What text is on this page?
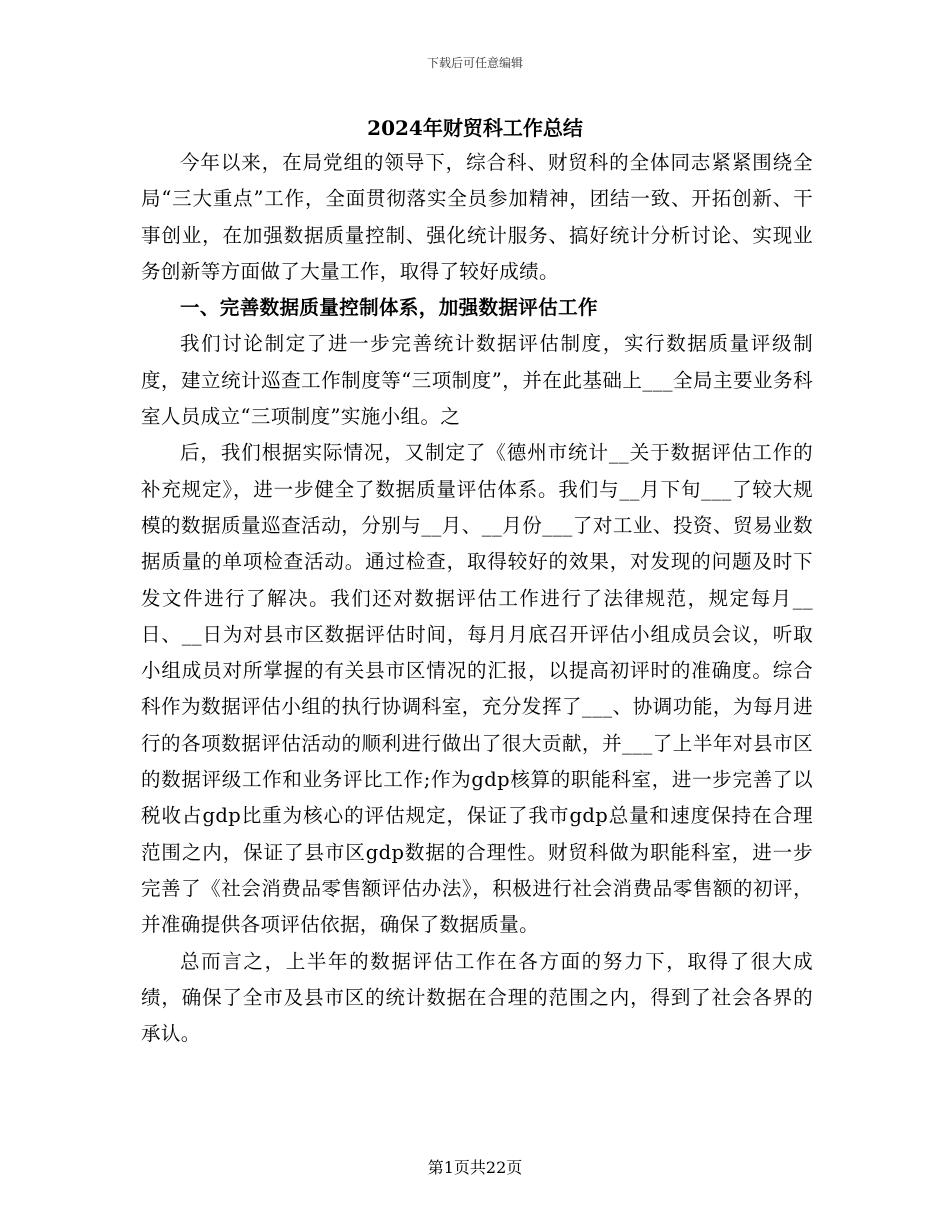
下载后可任意编辑
2024年财贸科工作总结

今年以来，在局党组的领导下，综合科、财贸科的全体同志紧紧围绕全局“三大重点”工作，全面贯彻落实全员参加精神，团结一致、开拓创新、干事创业，在加强数据质量控制、强化统计服务、搞好统计分析讨论、实现业务创新等方面做了大量工作，取得了较好成绩。

一、完善数据质量控制体系，加强数据评估工作

我们讨论制定了进一步完善统计数据评估制度，实行数据质量评级制度，建立统计巡查工作制度等“三项制度”，并在此基础上___全局主要业务科室人员成立“三项制度”实施小组。之

后，我们根据实际情况，又制定了《德州市统计__关于数据评估工作的补充规定》，进一步健全了数据质量评估体系。我们与__月下旬___了较大规模的数据质量巡查活动，分别与__月、__月份___了对工业、投资、贸易业数据质量的单项检查活动。通过检查，取得较好的效果，对发现的问题及时下发文件进行了解决。我们还对数据评估工作进行了法律规范，规定每月__日、__日为对县市区数据评估时间，每月月底召开评估小组成员会议，听取小组成员对所掌握的有关县市区情况的汇报，以提高初评时的准确度。综合科作为数据评估小组的执行协调科室，充分发挥了___、协调功能，为每月进行的各项数据评估活动的顺利进行做出了很大贡献，并___了上半年对县市区的数据评级工作和业务评比工作;作为gdp核算的职能科室，进一步完善了以税收占gdp比重为核心的评估规定，保证了我市gdp总量和速度保持在合理范围之内，保证了县市区gdp数据的合理性。财贸科做为职能科室，进一步完善了《社会消费品零售额评估办法》，积极进行社会消费品零售额的初评，并准确提供各项评估依据，确保了数据质量。

总而言之，上半年的数据评估工作在各方面的努力下，取得了很大成绩，确保了全市及县市区的统计数据在合理的范围之内，得到了社会各界的承认。

第1页共22页
